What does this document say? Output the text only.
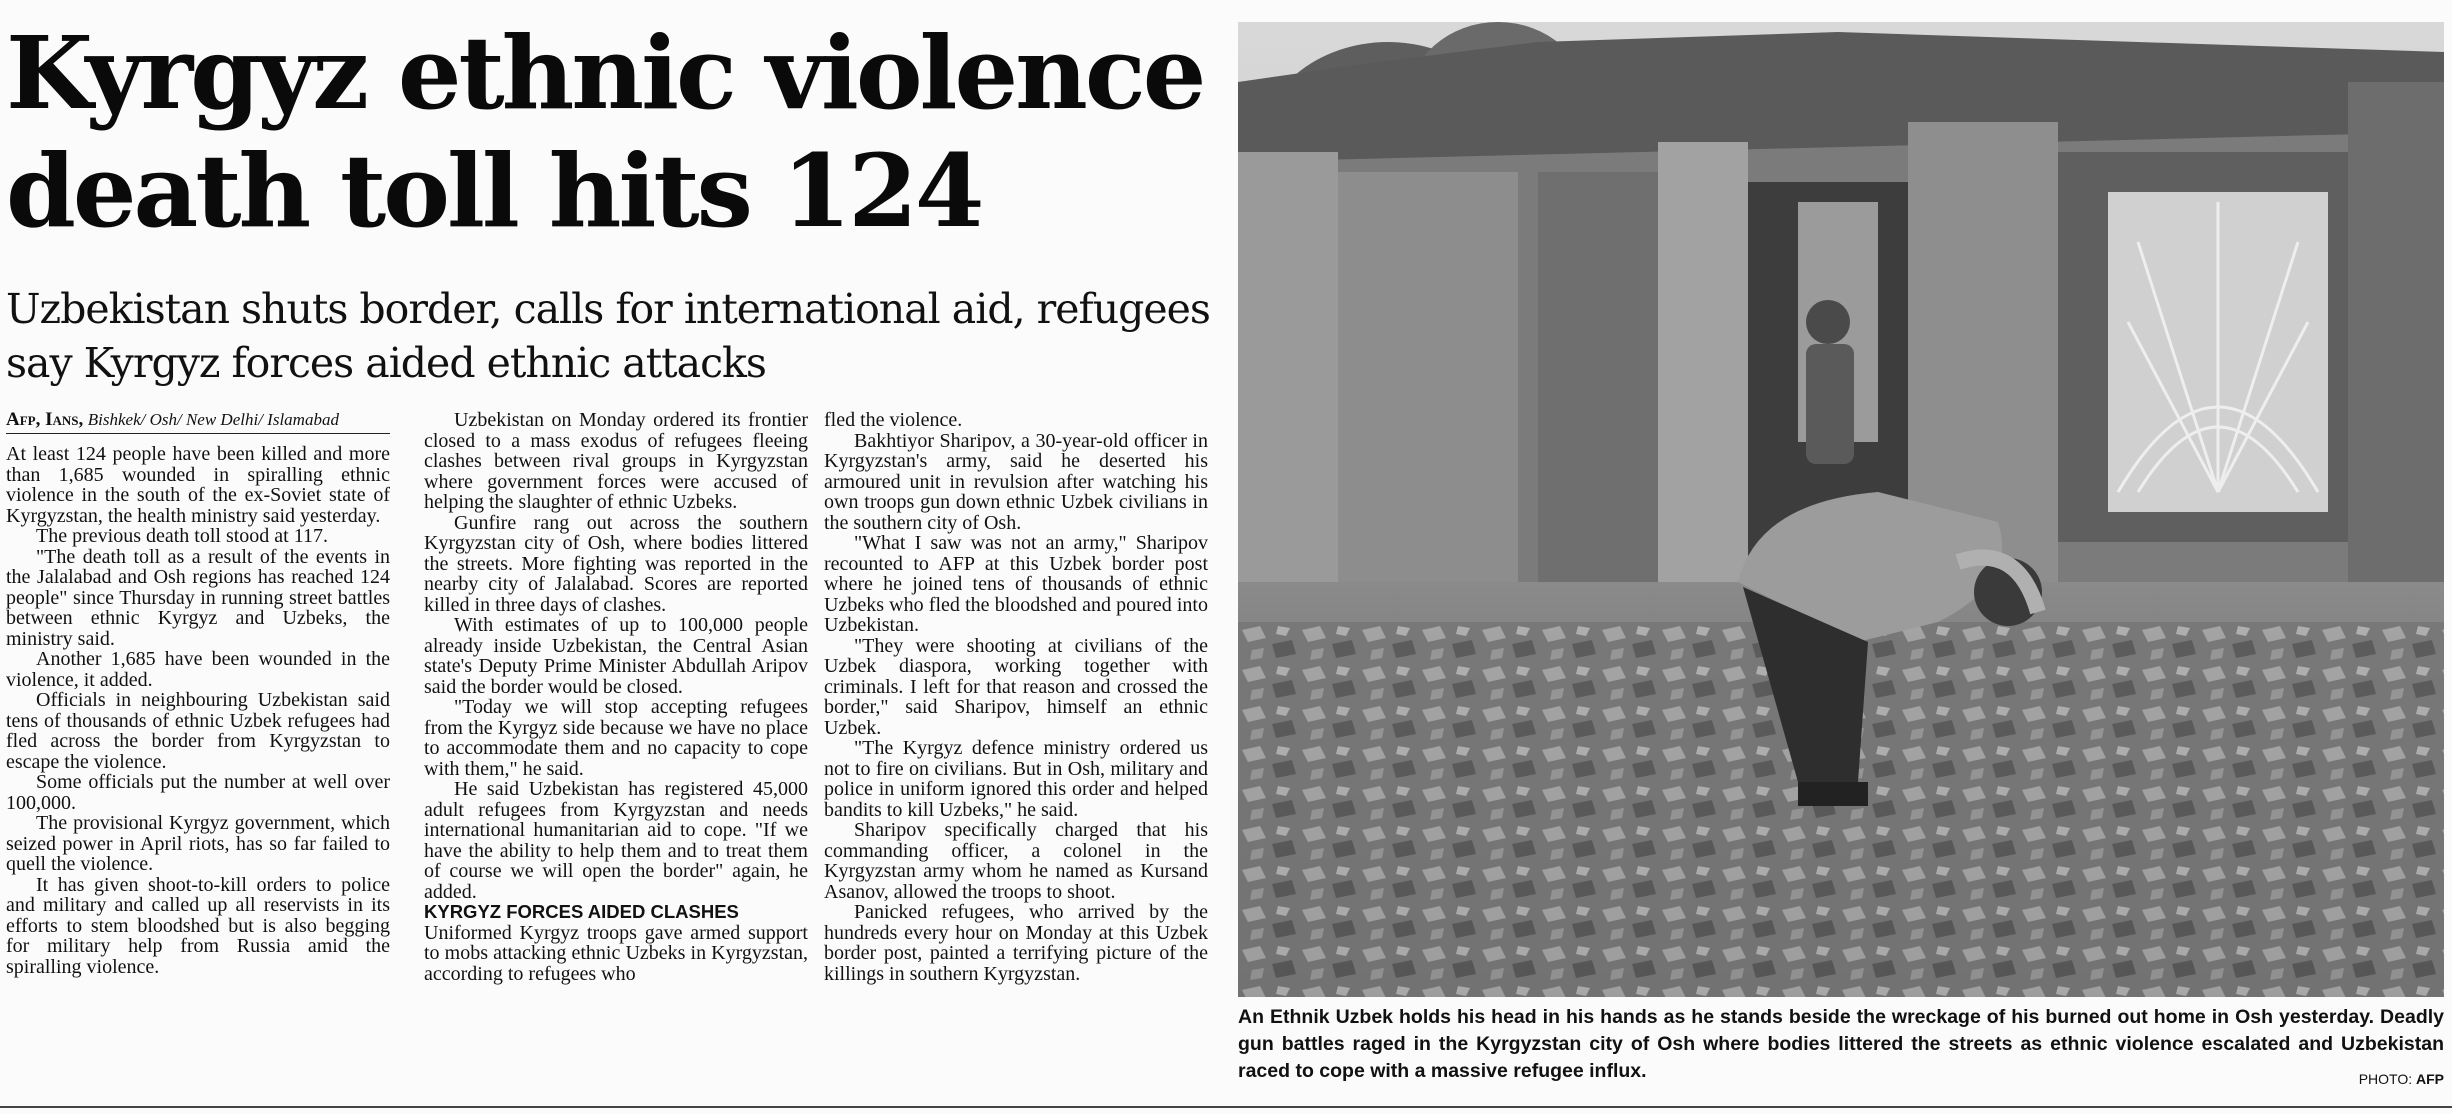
Kyrgyz ethnic violence
death toll hits 124
Uzbekistan shuts border, calls for international aid, refugees
say Kyrgyz forces aided ethnic attacks
Afp, Ians, Bishkek/ Osh/ New Delhi/ Islamabad

At least 124 people have been killed and more than 1,685 wounded in spiralling ethnic violence in the south of the ex-Soviet state of Kyrgyzstan, the health ministry said yesterday.

The previous death toll stood at 117.

"The death toll as a result of the events in the Jalalabad and Osh regions has reached 124 people" since Thursday in running street battles between ethnic Kyrgyz and Uzbeks, the ministry said.

Another 1,685 have been wounded in the violence, it added.

Officials in neighbouring Uzbekistan said tens of thousands of ethnic Uzbek refugees had fled across the border from Kyrgyzstan to escape the violence.

Some officials put the number at well over 100,000.

The provisional Kyrgyz government, which seized power in April riots, has so far failed to quell the violence.

It has given shoot-to-kill orders to police and military and called up all reservists in its efforts to stem bloodshed but is also begging for military help from Russia amid the spiralling violence.

Uzbekistan on Monday ordered its frontier closed to a mass exodus of refugees fleeing clashes between rival groups in Kyrgyzstan where government forces were accused of helping the slaughter of ethnic Uzbeks.

Gunfire rang out across the southern Kyrgyzstan city of Osh, where bodies littered the streets. More fighting was reported in the nearby city of Jalalabad. Scores are reported killed in three days of clashes.

With estimates of up to 100,000 people already inside Uzbekistan, the Central Asian state's Deputy Prime Minister Abdullah Aripov said the border would be closed.

"Today we will stop accepting refugees from the Kyrgyz side because we have no place to accommodate them and no capacity to cope with them," he said.

He said Uzbekistan has registered 45,000 adult refugees from Kyrgyzstan and needs international humanitarian aid to cope. "If we have the ability to help them and to treat them of course we will open the border" again, he added.

KYRGYZ FORCES AIDED CLASHES

Uniformed Kyrgyz troops gave armed support to mobs attacking ethnic Uzbeks in Kyrgyzstan, according to refugees who

fled the violence.

Bakhtiyor Sharipov, a 30-year-old officer in Kyrgyzstan's army, said he deserted his armoured unit in revulsion after watching his own troops gun down ethnic Uzbek civilians in the southern city of Osh.

"What I saw was not an army," Sharipov recounted to AFP at this Uzbek border post where he joined tens of thousands of ethnic Uzbeks who fled the bloodshed and poured into Uzbekistan.

"They were shooting at civilians of the Uzbek diaspora, working together with criminals. I left for that reason and crossed the border," said Sharipov, himself an ethnic Uzbek.

"The Kyrgyz defence ministry ordered us not to fire on civilians. But in Osh, military and police in uniform ignored this order and helped bandits to kill Uzbeks," he said.

Sharipov specifically charged that his commanding officer, a colonel in the Kyrgyzstan army whom he named as Kursand Asanov, allowed the troops to shoot.

Panicked refugees, who arrived by the hundreds every hour on Monday at this Uzbek border post, painted a terrifying picture of the killings in southern Kyrgyzstan.

An Ethnik Uzbek holds his head in his hands as he stands beside the wreckage of his burned out home in Osh yesterday. Deadly gun battles raged in the Kyrgyzstan city of Osh where bodies littered the streets as ethnic violence escalated and Uzbekistan raced to cope with a massive refugee influx.	PHOTO: AFP
